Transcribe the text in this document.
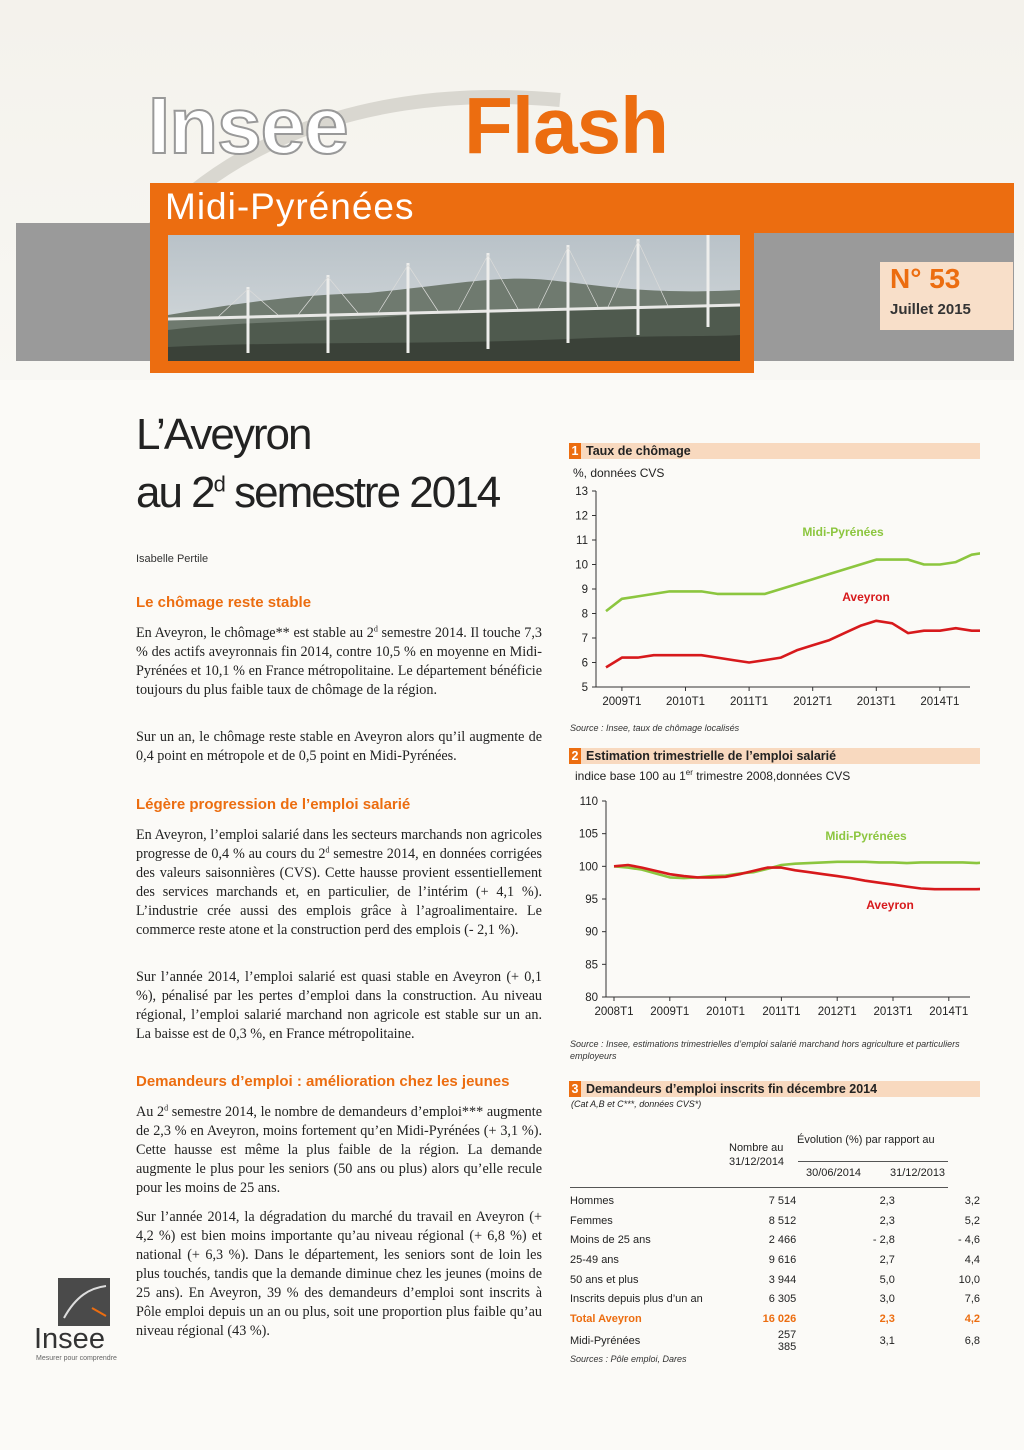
Insee Flash
Midi-Pyrénées
N° 53
Juillet 2015
L’Aveyron
au 2$^d$ semestre 2014
Isabelle Pertile
Le chômage reste stable

En Aveyron, le chômage** est stable au 2$^d$ semestre 2014. Il touche 7,3 % des actifs aveyronnais fin 2014, contre 10,5 % en moyenne en Midi-Pyrénées et 10,1 % en France métropolitaine. Le département bénéficie toujours du plus faible taux de chômage de la région.

Sur un an, le chômage reste stable en Aveyron alors qu’il augmente de 0,4 point en métropole et de 0,5 point en Midi-Pyrénées.

Légère progression de l’emploi salarié

En Aveyron, l’emploi salarié dans les secteurs marchands non agricoles progresse de 0,4 % au cours du 2$^d$ semestre 2014, en données corrigées des valeurs saisonnières (CVS). Cette hausse provient essentiellement des services marchands et, en particulier, de l’intérim (+ 4,1 %). L’industrie crée aussi des emplois grâce à l’agroalimentaire. Le commerce reste atone et la construction perd des emplois (- 2,1 %).

Sur l’année 2014, l’emploi salarié est quasi stable en Aveyron (+ 0,1 %), pénalisé par les pertes d’emploi dans la construction. Au niveau régional, l’emploi salarié marchand non agricole est stable sur un an. La baisse est de 0,3 %, en France métropolitaine.

Demandeurs d’emploi : amélioration chez les jeunes

Au 2$^d$ semestre 2014, le nombre de demandeurs d’emploi*** augmente de 2,3 % en Aveyron, moins fortement qu’en Midi-Pyrénées (+ 3,1 %). Cette hausse est même la plus faible de la région. La demande augmente le plus pour les seniors (50 ans ou plus) alors qu’elle recule pour les moins de 25 ans.

Sur l’année 2014, la dégradation du marché du travail en Aveyron (+ 4,2 %) est bien moins importante qu’au niveau régional (+ 6,8 %) et national (+ 6,3 %). Dans le département, les seniors sont de loin les plus touchés, tandis que la demande diminue chez les jeunes (moins de 25 ans). En Aveyron, 39 % des demandeurs d’emploi sont inscrits à Pôle emploi depuis un an ou plus, soit une proportion plus faible qu’au niveau régional (43 %).

Insee
Mesurer pour comprendre
1 Taux de chômage
%, données CVS
5
6
7
8
9
10
11
12
13
2009T1 2010T1 2011T1 2012T1 2013T1 2014T1
Midi-Pyrénées
Aveyron
Source : Insee, taux de chômage localisés
2 Estimation trimestrielle de l’emploi salarié
indice base 100 au 1er trimestre 2008,données CVS
80
85
90
95
100
105
110
2008T1 2009T1 2010T1 2011T1 2012T1 2013T1 2014T1
Midi-Pyrénées
Aveyron
Source : Insee, estimations trimestrielles d’emploi salarié marchand hors agriculture et particuliers employeurs
3 Demandeurs d’emploi inscrits fin décembre 2014
(Cat A,B et C***, données CVS*)
Nombre au 31/12/2014
Évolution (%) par rapport au
30/06/2014	31/12/2013
Hommes	7 514	2,3	3,2
Femmes	8 512	2,3	5,2
Moins de 25 ans	2 466	- 2,8	- 4,6
25-49 ans	9 616	2,7	4,4
50 ans et plus	3 944	5,0	10,0
Inscrits depuis plus d’un an	6 305	3,0	7,6
Total Aveyron	16 026	2,3	4,2
Midi-Pyrénées	257 385	3,1	6,8
Sources : Pôle emploi, Dares
